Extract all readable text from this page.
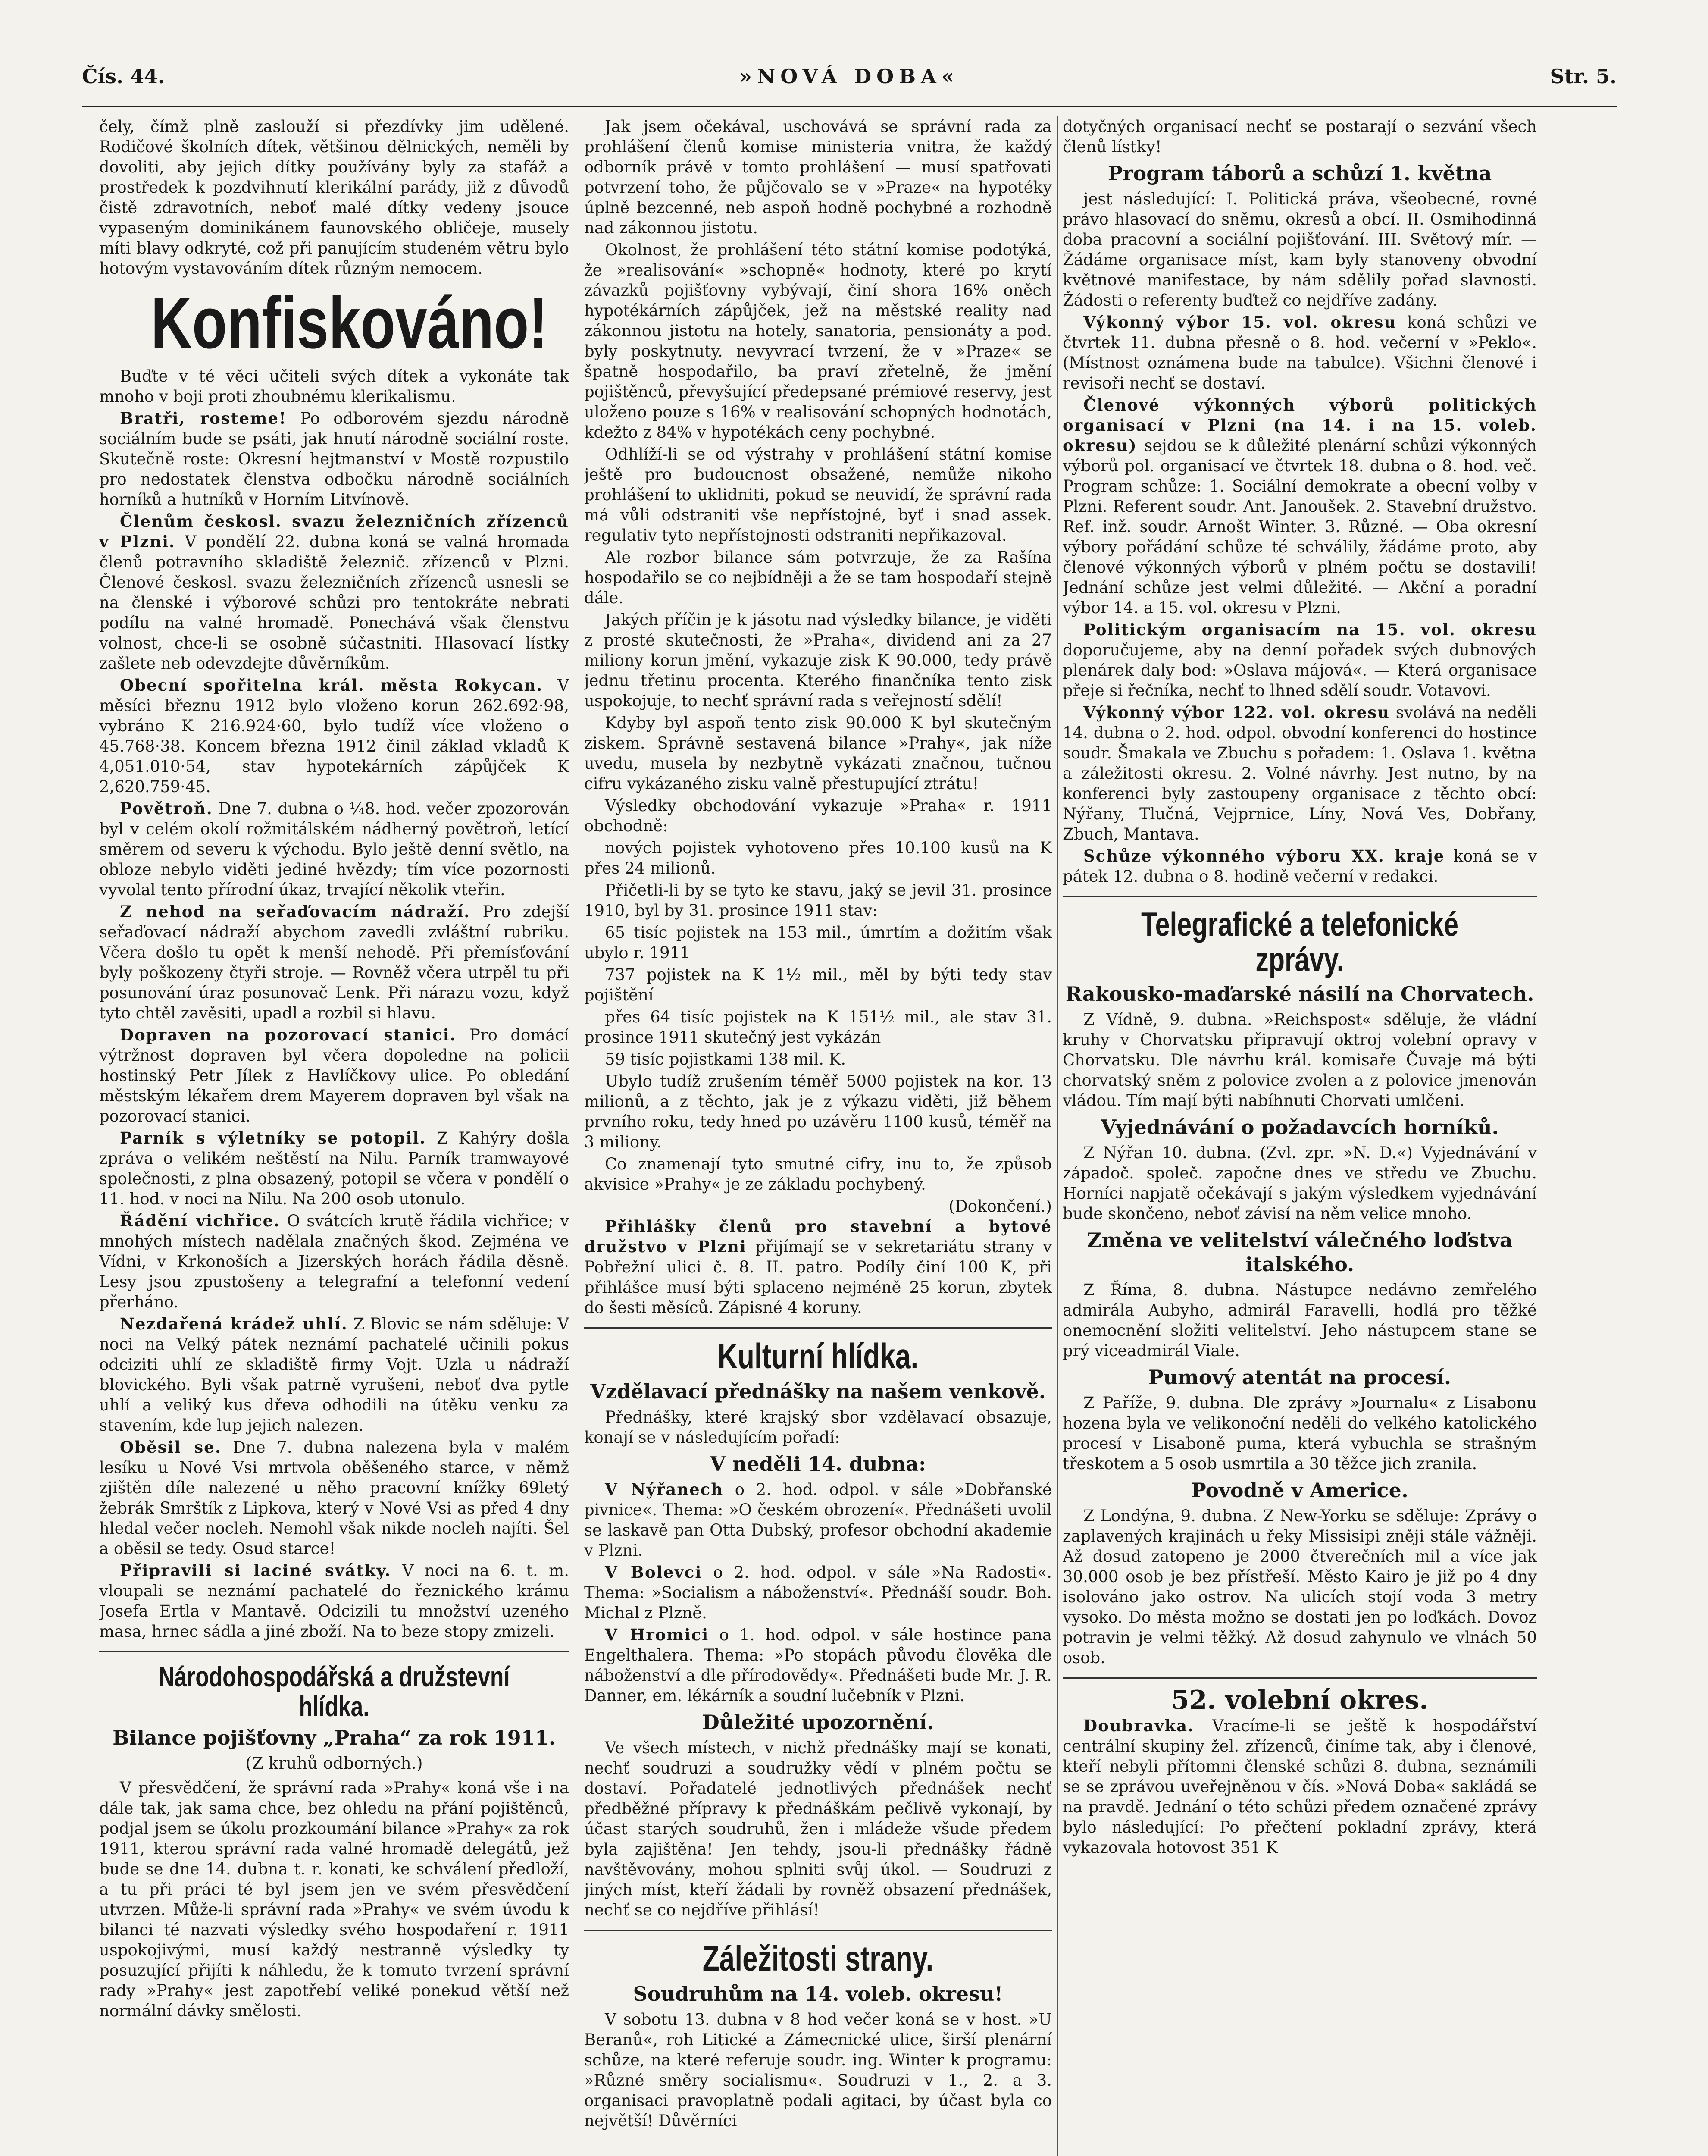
Čís. 44.	»NOVÁ DOBA«	Str. 5.

čely, čímž plně zaslouží si přezdívky jim udělené. Rodičové školních dítek, většinou dělnických, neměli by dovoliti, aby jejich dítky používány byly za stafáž a prostředek k pozdvihnutí klerikální parády, již z důvodů čistě zdravotních, neboť malé dítky vedeny jsouce vypaseným dominikánem faunovského obličeje, musely míti blavy odkryté, což při panujícím studeném větru bylo hotovým vystavováním dítek různým nemocem.

Konfiskováno!

Buďte v té věci učiteli svých dítek a vykonáte tak mnoho v boji proti zhoubnému klerikalismu.

Bratři, rosteme! Po odborovém sjezdu národně sociálním bude se psáti, jak hnutí národně sociální roste. Skutečně roste: Okresní hejtmanství v Mostě rozpustilo pro nedostatek členstva odbočku národně sociálních horníků a hutníků v Horním Litvínově.

Členům českosl. svazu železničních zřízenců v Plzni. V pondělí 22. dubna koná se valná hromada členů potravního skladiště železnič. zřízenců v Plzni. Členové českosl. svazu železničních zřízenců usnesli se na členské i výborové schůzi pro tentokráte nebrati podílu na valné hromadě. Ponechává však členstvu volnost, chce-li se osobně súčastniti. Hlasovací lístky zašlete neb odevzdejte důvěrníkům.

Obecní spořitelna král. města Rokycan. V měsíci březnu 1912 bylo vloženo korun 262.692·98, vybráno K 216.924·60, bylo tudíž více vloženo o 45.768·38. Koncem března 1912 činil základ vkladů K 4,051.010·54, stav hypotekárních zápůjček K 2,620.759·45.

Povětroň. Dne 7. dubna o ¼8. hod. večer zpozorován byl v celém okolí rožmitálském nádherný povětroň, letící směrem od severu k východu. Bylo ještě denní světlo, na obloze nebylo viděti jediné hvězdy; tím více pozornosti vyvolal tento přírodní úkaz, trvající několik vteřin.

Z nehod na seřaďovacím nádraží. Pro zdejší seřaďovací nádraží abychom zavedli zvláštní rubriku. Včera došlo tu opět k menší nehodě. Při přemísťování byly poškozeny čtyři stroje. — Rovněž včera utrpěl tu při posunování úraz posunovač Lenk. Při nárazu vozu, když tyto chtěl zavěsiti, upadl a rozbil si hlavu.

Dopraven na pozorovací stanici. Pro domácí výtržnost dopraven byl včera dopoledne na policii hostinský Petr Jílek z Havlíčkovy ulice. Po obledání městským lékařem drem Mayerem dopraven byl však na pozorovací stanici.

Parník s výletníky se potopil. Z Kahýry došla zpráva o velikém neštěstí na Nilu. Parník tramwayové společnosti, z plna obsazený, potopil se včera v pondělí o 11. hod. v noci na Nilu. Na 200 osob utonulo.

Řádění vichřice. O svátcích krutě řádila vichřice; v mnohých místech nadělala značných škod. Zejména ve Vídni, v Krkonoších a Jizerských horách řádila děsně. Lesy jsou zpustošeny a telegrafní a telefonní vedení přerháno.

Nezdařená krádež uhlí. Z Blovic se nám sděluje: V noci na Velký pátek neznámí pachatelé učinili pokus odciziti uhlí ze skladiště firmy Vojt. Uzla u nádraží blovického. Byli však patrně vyrušeni, neboť dva pytle uhlí a veliký kus dřeva odhodili na útěku venku za stavením, kde lup jejich nalezen.

Oběsil se. Dne 7. dubna nalezena byla v malém lesíku u Nové Vsi mrtvola oběšeného starce, v němž zjištěn díle nalezené u něho pracovní knížky 69letý žebrák Smrštík z Lipkova, který v Nové Vsi as před 4 dny hledal večer nocleh. Nemohl však nikde nocleh najíti. Šel a oběsil se tedy. Osud starce!

Připravili si laciné svátky. V noci na 6. t. m. vloupali se neznámí pachatelé do řeznického krámu Josefa Ertla v Mantavě. Odcizili tu množství uzeného masa, hrnec sádla a jiné zboží. Na to beze stopy zmizeli.

Národohospodářská a družstevní hlídka.
Bilance pojišťovny „Praha“ za rok 1911.
(Z kruhů odborných.)

V přesvědčení, že správní rada »Prahy« koná vše i na dále tak, jak sama chce, bez ohledu na přání pojištěnců, podjal jsem se úkolu prozkoumání bilance »Prahy« za rok 1911, kterou správní rada valné hromadě delegátů, jež bude se dne 14. dubna t. r. konati, ke schválení předloží, a tu při práci té byl jsem jen ve svém přesvědčení utvrzen. Může-li správní rada »Prahy« ve svém úvodu k bilanci té nazvati výsledky svého hospodaření r. 1911 uspokojivými, musí každý nestranně výsledky ty posuzující přijíti k náhledu, že k tomuto tvrzení správní rady »Prahy« jest zapotřebí veliké ponekud větší než normální dávky smělosti.

Jak jsem očekával, uschovává se správní rada za prohlášení členů komise ministeria vnitra, že každý odborník právě v tomto prohlášení — musí spatřovati potvrzení toho, že půjčovalo se v »Praze« na hypotéky úplně bezcenné, neb aspoň hodně pochybné a rozhodně nad zákonnou jistotu.

Okolnost, že prohlášení této státní komise podotýká, že »realisování« »schopně« hodnoty, které po krytí závazků pojišťovny vybývají, činí shora 16% oněch hypotékárních zápůjček, jež na městské reality nad zákonnou jistotu na hotely, sanatoria, pensionáty a pod. byly poskytnuty. nevyvrací tvrzení, že v »Praze« se špatně hospodařilo, ba praví zřetelně, že jmění pojištěnců, převyšující předepsané prémiové reservy, jest uloženo pouze s 16% v realisování schopných hodnotách, kdežto z 84% v hypotékách ceny pochybné.

Odhlíží-li se od výstrahy v prohlášení státní komise ještě pro budoucnost obsažené, nemůže nikoho prohlášení to uklidniti, pokud se neuvidí, že správní rada má vůli odstraniti vše nepřístojné, byť i snad assek. regulativ tyto nepřístojnosti odstraniti nepřikazoval.

Ale rozbor bilance sám potvrzuje, že za Rašína hospodařilo se co nejbídněji a že se tam hospodaří stejně dále.

Jakých příčin je k jásotu nad výsledky bilance, je viděti z prosté skutečnosti, že »Praha«, dividend ani za 27 miliony korun jmění, vykazuje zisk K 90.000, tedy právě jednu třetinu procenta. Kterého finančníka tento zisk uspokojuje, to nechť správní rada s veřejností sdělí!

Kdyby byl aspoň tento zisk 90.000 K byl skutečným ziskem. Správně sestavená bilance »Prahy«, jak níže uvedu, musela by nezbytně vykázati značnou, tučnou cifru vykázaného zisku valně přestupující ztrátu!

Výsledky obchodování vykazuje »Praha« r. 1911 obchodně:

nových pojistek vyhotoveno přes 10.100 kusů na K přes 24 milionů.

Přičetli-li by se tyto ke stavu, jaký se jevil 31. prosince 1910, byl by 31. prosince 1911 stav:

65 tisíc pojistek na 153 mil., úmrtím a dožitím však ubylo r. 1911

737 pojistek na K 1½ mil., měl by býti tedy stav pojištění

přes 64 tisíc pojistek na K 151½ mil., ale stav 31. prosince 1911 skutečný jest vykázán

59 tisíc pojistkami 138 mil. K.

Ubylo tudíž zrušením téměř 5000 pojistek na kor. 13 milionů, a z těchto, jak je z výkazu viděti, již během prvního roku, tedy hned po uzávěru 1100 kusů, téměř na 3 miliony.

Co znamenají tyto smutné cifry, inu to, že způsob akvisice »Prahy« je ze základu pochybený.

(Dokončení.)

Přihlášky členů pro stavební a bytové družstvo v Plzni přijímají se v sekretariátu strany v Pobřežní ulici č. 8. II. patro. Podíly činí 100 K, při přihlášce musí býti splaceno nejméně 25 korun, zbytek do šesti měsíců. Zápisné 4 koruny.

Kulturní hlídka.
Vzdělavací přednášky na našem venkově.

Přednášky, které krajský sbor vzdělavací obsazuje, konají se v následujícím pořadí:

V neděli 14. dubna:

V Nýřanech o 2. hod. odpol. v sále »Dobřanské pivnice«. Thema: »O českém obrození«. Přednášeti uvolil se laskavě pan Otta Dubský, profesor obchodní akademie v Plzni.

V Bolevci o 2. hod. odpol. v sále »Na Radosti«. Thema: »Socialism a náboženství«. Přednáší soudr. Boh. Michal z Plzně.

V Hromici o 1. hod. odpol. v sále hostince pana Engelthalera. Thema: »Po stopách původu člověka dle náboženství a dle přírodovědy«. Přednášeti bude Mr. J. R. Danner, em. lékárník a soudní lučebník v Plzni.

Důležité upozornění.

Ve všech místech, v nichž přednášky mají se konati, nechť soudruzi a soudružky vědí v plném počtu se dostaví. Pořadatelé jednotlivých přednášek nechť předběžné přípravy k přednáškám pečlivě vykonají, by účast starých soudruhů, žen i mládeže všude předem byla zajištěna! Jen tehdy, jsou-li přednášky řádně navštěvovány, mohou splniti svůj úkol. — Soudruzi z jiných míst, kteří žádali by rovněž obsazení přednášek, nechť se co nejdříve přihlásí!

Záležitosti strany.
Soudruhům na 14. voleb. okresu!

V sobotu 13. dubna v 8 hod večer koná se v host. »U Beranů«, roh Litické a Zámecnické ulice, širší plenární schůze, na které referuje soudr. ing. Winter k programu: »Různé směry socialismu«. Soudruzi v 1., 2. a 3. organisaci pravoplatně podali agitaci, by účast byla co největší! Důvěrníci

dotyčných organisací nechť se postarají o sezvání všech členů lístky!

Program táborů a schůzí 1. května

jest následující: I. Politická práva, všeobecné, rovné právo hlasovací do sněmu, okresů a obcí. II. Osmihodinná doba pracovní a sociální pojišťování. III. Světový mír. — Žádáme organisace míst, kam byly stanoveny obvodní květnové manifestace, by nám sdělily pořad slavnosti. Žádosti o referenty buďtež co nejdříve zadány.

Výkonný výbor 15. vol. okresu koná schůzi ve čtvrtek 11. dubna přesně o 8. hod. večerní v »Peklo«. (Místnost oznámena bude na tabulce). Všichni členové i revisoři nechť se dostaví.

Členové výkonných výborů politických organisací v Plzni (na 14. i na 15. voleb. okresu) sejdou se k důležité plenární schůzi výkonných výborů pol. organisací ve čtvrtek 18. dubna o 8. hod. več. Program schůze: 1. Sociální demokrate a obecní volby v Plzni. Referent soudr. Ant. Janoušek. 2. Stavební družstvo. Ref. inž. soudr. Arnošt Winter. 3. Různé. — Oba okresní výbory pořádání schůze té schválily, žádáme proto, aby členové výkonných výborů v plném počtu se dostavili! Jednání schůze jest velmi důležité. — Akční a poradní výbor 14. a 15. vol. okresu v Plzni.

Politickým organisacím na 15. vol. okresu doporučujeme, aby na denní pořadek svých dubnových plenárek daly bod: »Oslava májová«. — Která organisace přeje si řečníka, nechť to lhned sdělí soudr. Votavovi.

Výkonný výbor 122. vol. okresu svolává na neděli 14. dubna o 2. hod. odpol. obvodní konferenci do hostince soudr. Šmakala ve Zbuchu s pořadem: 1. Oslava 1. května a záležitosti okresu. 2. Volné návrhy. Jest nutno, by na konferenci byly zastoupeny organisace z těchto obcí: Nýřany, Tlučná, Vejprnice, Líny, Nová Ves, Dobřany, Zbuch, Mantava.

Schůze výkonného výboru XX. kraje koná se v pátek 12. dubna o 8. hodině večerní v redakci.

Telegrafické a telefonické zprávy.
Rakousko-maďarské násilí na Chorvatech.

Z Vídně, 9. dubna. »Reichspost« sděluje, že vládní kruhy v Chorvatsku připravují oktroj volební opravy v Chorvatsku. Dle návrhu král. komisaře Čuvaje má býti chorvatský sněm z polovice zvolen a z polovice jmenován vládou. Tím mají býti nabíhnuti Chorvati umlčeni.

Vyjednávání o požadavcích horníků.

Z Nýřan 10. dubna. (Zvl. zpr. »N. D.«) Vyjednávání v západoč. společ. započne dnes ve středu ve Zbuchu. Horníci napjatě očekávají s jakým výsledkem vyjednávání bude skončeno, neboť závisí na něm velice mnoho.

Změna ve velitelství válečného loďstva italského.

Z Říma, 8. dubna. Nástupce nedávno zemřelého admirála Aubyho, admirál Faravelli, hodlá pro těžké onemocnění složiti velitelství. Jeho nástupcem stane se prý viceadmirál Viale.

Pumový atentát na procesí.

Z Paříže, 9. dubna. Dle zprávy »Journalu« z Lisabonu hozena byla ve velikonoční neděli do velkého katolického procesí v Lisaboně puma, která vybuchla se strašným třeskotem a 5 osob usmrtila a 30 těžce jich zranila.

Povodně v Americe.

Z Londýna, 9. dubna. Z New-Yorku se sděluje: Zprávy o zaplavených krajinách u řeky Missisipi zněji stále vážněji. Až dosud zatopeno je 2000 čtverečních mil a více jak 30.000 osob je bez přístřeší. Město Kairo je již po 4 dny isolováno jako ostrov. Na ulicích stojí voda 3 metry vysoko. Do města možno se dostati jen po loďkách. Dovoz potravin je velmi těžký. Až dosud zahynulo ve vlnách 50 osob.

52. volební okres.

Doubravka. Vracíme-li se ještě k hospodářství centrální skupiny žel. zřízenců, činíme tak, aby i členové, kteří nebyli přítomni členské schůzi 8. dubna, seznámili se se zprávou uveřejněnou v čís. »Nová Doba« sakládá se na pravdě. Jednání o této schůzi předem označené zprávy bylo následující: Po přečtení pokladní zprávy, která vykazovala hotovost 351 K
